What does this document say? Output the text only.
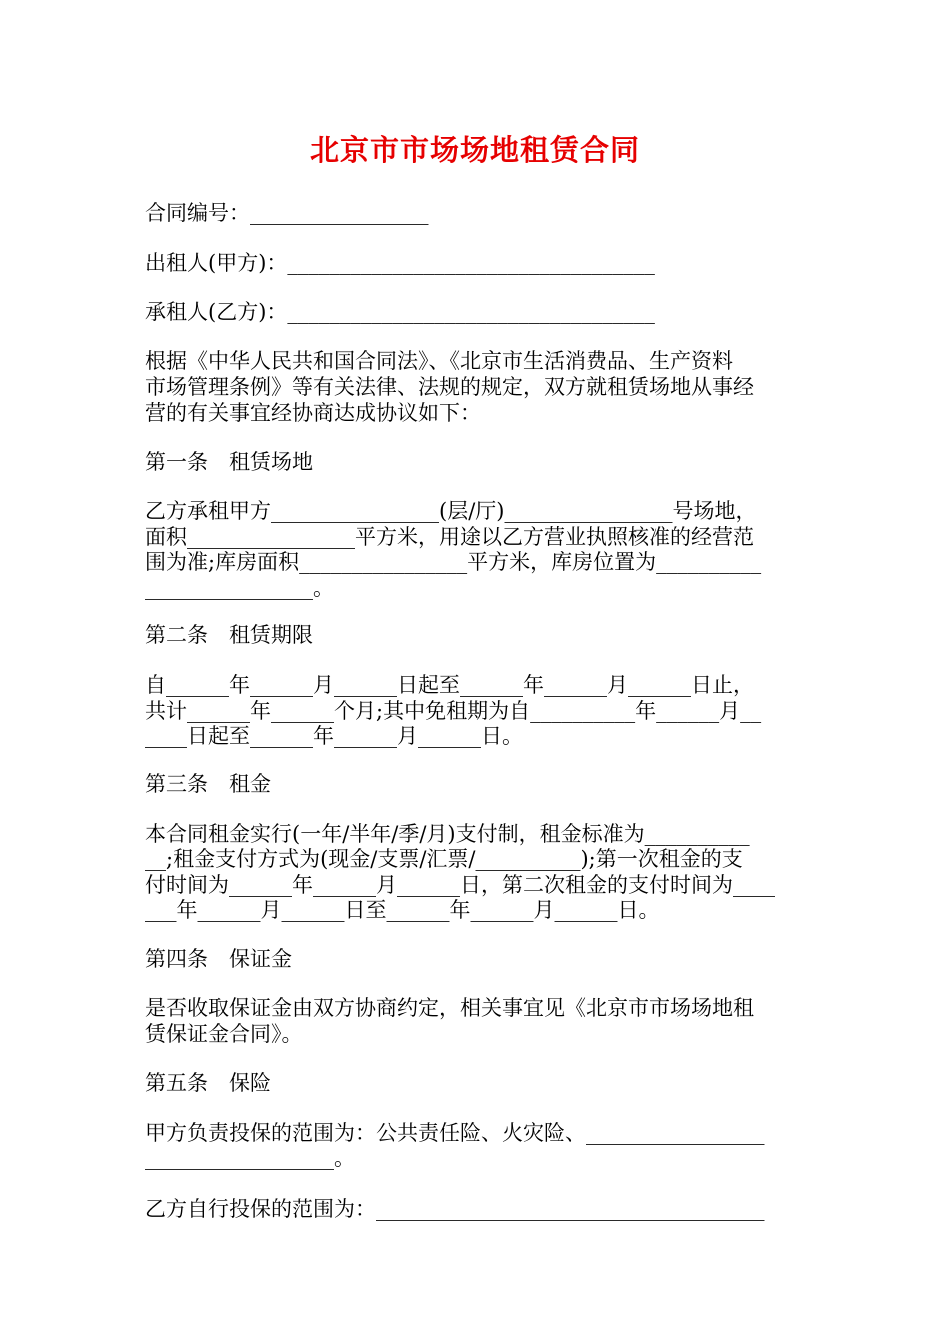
北京市市场场地租赁合同
合同编号：_________________
出租人(甲方)：___________________________________
承租人(乙方)：___________________________________
根据《中华人民共和国合同法》、《北京市生活消费品、生产资料
市场管理条例》等有关法律、法规的规定，双方就租赁场地从事经
营的有关事宜经协商达成协议如下：
第一条　租赁场地
乙方承租甲方________________(层/厅)________________号场地，
面积________________平方米，用途以乙方营业执照核准的经营范
围为准;库房面积________________平方米，库房位置为__________
________________。
第二条　租赁期限
自______年______月______日起至______年______月______日止，
共计______年______个月;其中免租期为自__________年______月__
____日起至______年______月______日。
第三条　租金
本合同租金实行(一年/半年/季/月)支付制，租金标准为__________
__;租金支付方式为(现金/支票/汇票/__________);第一次租金的支
付时间为______年______月______日，第二次租金的支付时间为____
___年______月______日至______年______月______日。
第四条　保证金
是否收取保证金由双方协商约定，相关事宜见《北京市市场场地租
赁保证金合同》。
第五条　保险
甲方负责投保的范围为：公共责任险、火灾险、_________________
__________________。
乙方自行投保的范围为：_____________________________________
